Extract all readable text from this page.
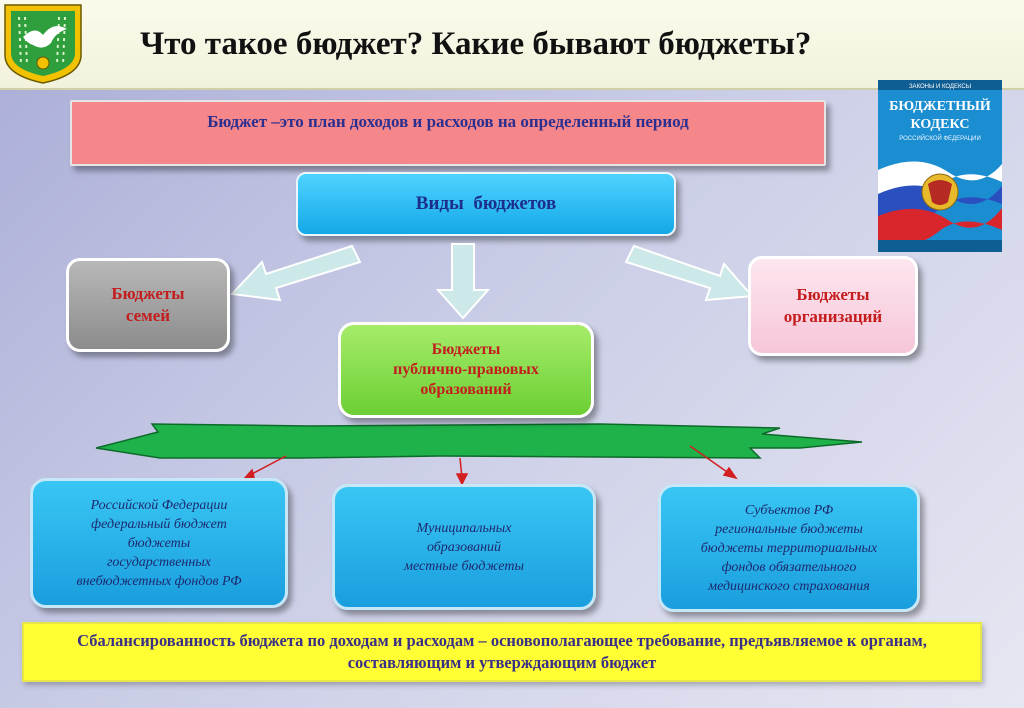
Что такое бюджет? Какие бывают бюджеты?
Бюджет –это план доходов и расходов на определенный период
Виды  бюджетов
Бюджеты
семей
Бюджеты
организаций
Бюджеты
публично-правовых
образований
Российской Федерации
федеральный бюджет
бюджеты
государственных
внебюджетных фондов РФ
Муниципальных
образований
местные бюджеты
Субъектов РФ
региональные бюджеты
бюджеты территориальных
фондов обязательного
медицинского страхования
ЗАКОНЫ И КОДЕКСЫ
БЮДЖЕТНЫЙ
КОДЕКС
РОССИЙСКОЙ ФЕДЕРАЦИИ
Сбалансированность бюджета по доходам и расходам – основополагающее требование, предъявляемое к органам, составляющим и утверждающим бюджет
